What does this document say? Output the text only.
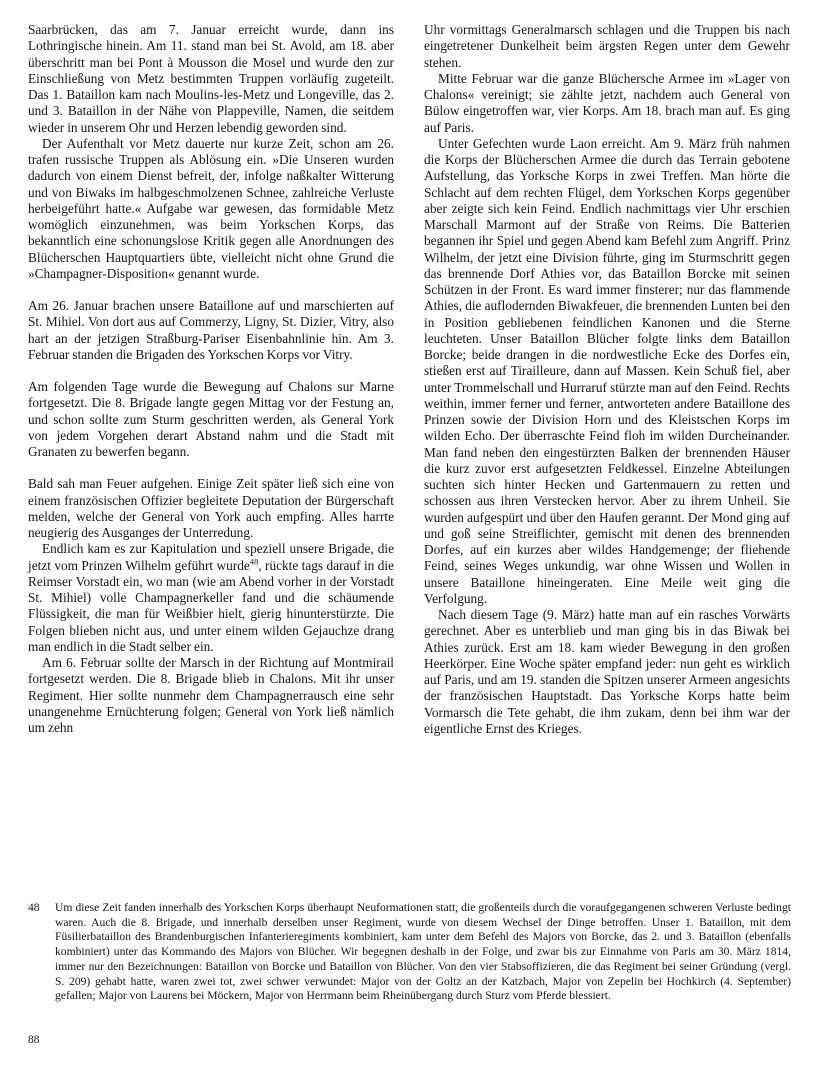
Saarbrücken, das am 7. Januar erreicht wurde, dann ins Lothringische hinein. Am 11. stand man bei St. Avold, am 18. aber überschritt man bei Pont à Mousson die Mosel und wurde den zur Einschließung von Metz bestimmten Truppen vorläufig zugeteilt. Das 1. Bataillon kam nach Moulins-les-Metz und Longeville, das 2. und 3. Bataillon in der Nähe von Plappeville, Namen, die seitdem wieder in unserem Ohr und Herzen lebendig geworden sind.

Der Aufenthalt vor Metz dauerte nur kurze Zeit, schon am 26. trafen russische Truppen als Ablösung ein. »Die Unseren wurden dadurch von einem Dienst befreit, der, infolge naßkalter Witterung und von Biwaks im halbgeschmolzenen Schnee, zahlreiche Verluste herbeigeführt hatte.« Aufgabe war gewesen, das formidable Metz womöglich einzunehmen, was beim Yorkschen Korps, das bekanntlich eine schonungslose Kritik gegen alle Anordnungen des Blücherschen Hauptquartiers übte, vielleicht nicht ohne Grund die »Champagner-Disposition« genannt wurde.

Am 26. Januar brachen unsere Bataillone auf und marschierten auf St. Mihiel. Von dort aus auf Commerzy, Ligny, St. Dizier, Vitry, also hart an der jetzigen Straßburg-Pariser Eisenbahnlinie hin. Am 3. Februar standen die Brigaden des Yorkschen Korps vor Vitry.

Am folgenden Tage wurde die Bewegung auf Chalons sur Marne fortgesetzt. Die 8. Brigade langte gegen Mittag vor der Festung an, und schon sollte zum Sturm geschritten werden, als General York von jedem Vorgehen derart Abstand nahm und die Stadt mit Granaten zu bewerfen begann.

Bald sah man Feuer aufgehen. Einige Zeit später ließ sich eine von einem französischen Offizier begleitete Deputation der Bürgerschaft melden, welche der General von York auch empfing. Alles harrte neugierig des Ausganges der Unterredung.

Endlich kam es zur Kapitulation und speziell unsere Brigade, die jetzt vom Prinzen Wilhelm geführt wurde$^{48}$, rückte tags darauf in die Reimser Vorstadt ein, wo man (wie am Abend vorher in der Vorstadt St. Mihiel) volle Champagnerkeller fand und die schäumende Flüssigkeit, die man für Weißbier hielt, gierig hinunterstürzte. Die Folgen blieben nicht aus, und unter einem wilden Gejauchze drang man endlich in die Stadt selber ein.

Am 6. Februar sollte der Marsch in der Richtung auf Montmirail fortgesetzt werden. Die 8. Brigade blieb in Chalons. Mit ihr unser Regiment. Hier sollte nunmehr dem Champagnerrausch eine sehr unangenehme Ernüchterung folgen; General von York ließ nämlich um zehn

Uhr vormittags Generalmarsch schlagen und die Truppen bis nach eingetretener Dunkelheit beim ärgsten Regen unter dem Gewehr stehen.

Mitte Februar war die ganze Blüchersche Armee im »Lager von Chalons« vereinigt; sie zählte jetzt, nachdem auch General von Bülow eingetroffen war, vier Korps. Am 18. brach man auf. Es ging auf Paris.

Unter Gefechten wurde Laon erreicht. Am 9. März früh nahmen die Korps der Blücherschen Armee die durch das Terrain gebotene Aufstellung, das Yorksche Korps in zwei Treffen. Man hörte die Schlacht auf dem rechten Flügel, dem Yorkschen Korps gegenüber aber zeigte sich kein Feind. Endlich nachmittags vier Uhr erschien Marschall Marmont auf der Straße von Reims. Die Batterien begannen ihr Spiel und gegen Abend kam Befehl zum Angriff. Prinz Wilhelm, der jetzt eine Division führte, ging im Sturmschritt gegen das brennende Dorf Athies vor, das Bataillon Borcke mit seinen Schützen in der Front. Es ward immer finsterer; nur das flammende Athies, die auflodernden Biwakfeuer, die brennenden Lunten bei den in Position gebliebenen feindlichen Kanonen und die Sterne leuchteten. Unser Bataillon Blücher folgte links dem Bataillon Borcke; beide drangen in die nordwestliche Ecke des Dorfes ein, stießen erst auf Tirailleure, dann auf Massen. Kein Schuß fiel, aber unter Trommelschall und Hurraruf stürzte man auf den Feind. Rechts weithin, immer ferner und ferner, antworteten andere Bataillone des Prinzen sowie der Division Horn und des Kleistschen Korps im wilden Echo. Der überraschte Feind floh im wilden Durcheinander. Man fand neben den eingestürzten Balken der brennenden Häuser die kurz zuvor erst aufgesetzten Feldkessel. Einzelne Abteilungen suchten sich hinter Hecken und Gartenmauern zu retten und schossen aus ihren Verstecken hervor. Aber zu ihrem Unheil. Sie wurden aufgespürt und über den Haufen gerannt. Der Mond ging auf und goß seine Streiflichter, gemischt mit denen des brennenden Dorfes, auf ein kurzes aber wildes Handgemenge; der fliehende Feind, seines Weges unkundig, war ohne Wissen und Wollen in unsere Bataillone hineingeraten. Eine Meile weit ging die Verfolgung.

Nach diesem Tage (9. März) hatte man auf ein rasches Vorwärts gerechnet. Aber es unterblieb und man ging bis in das Biwak bei Athies zurück. Erst am 18. kam wieder Bewegung in den großen Heerkörper. Eine Woche später empfand jeder: nun geht es wirklich auf Paris, und am 19. standen die Spitzen unserer Armeen angesichts der französischen Hauptstadt. Das Yorksche Korps hatte beim Vormarsch die Tete gehabt, die ihm zukam, denn bei ihm war der eigentliche Ernst des Krieges.

48 Um diese Zeit fanden innerhalb des Yorkschen Korps überhaupt Neuformationen statt, die großenteils durch die voraufgegangenen schweren Verluste bedingt waren. Auch die 8. Brigade, und innerhalb derselben unser Regiment, wurde von diesem Wechsel der Dinge betroffen. Unser 1. Bataillon, mit dem Füsilierbataillon des Brandenburgischen Infanterieregiments kombiniert, kam unter dem Befehl des Majors von Borcke, das 2. und 3. Bataillon (ebenfalls kombiniert) unter das Kommando des Majors von Blücher. Wir begegnen deshalb in der Folge, und zwar bis zur Einnahme von Paris am 30. März 1814, immer nur den Bezeichnungen: Bataillon von Borcke und Bataillon von Blücher. Von den vier Stabsoffizieren, die das Regiment bei seiner Gründung (vergl. S. 209) gehabt hatte, waren zwei tot, zwei schwer verwundet: Major von der Goltz an der Katzbach, Major von Zepelin bei Hochkirch (4. September) gefallen; Major von Laurens bei Möckern, Major von Herrmann beim Rheinübergang durch Sturz vom Pferde blessiert.
88
